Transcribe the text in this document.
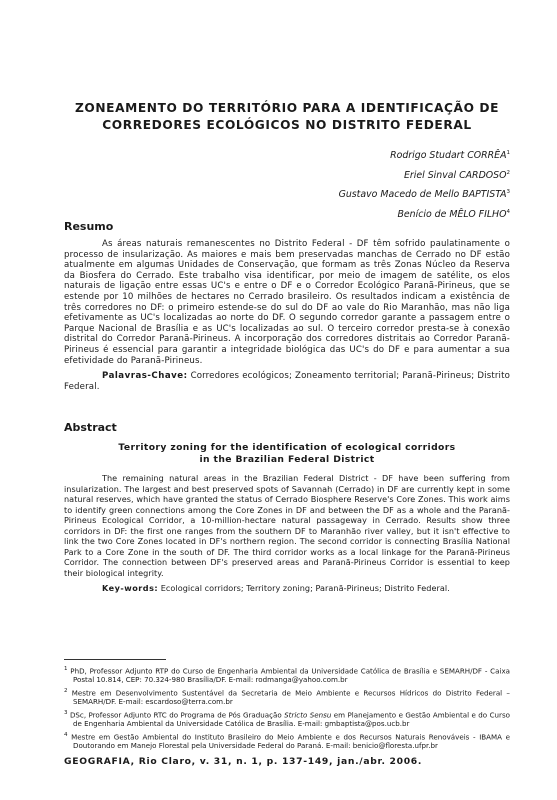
ZONEAMENTO DO TERRITÓRIO PARA A IDENTIFICAÇÃO DE
CORREDORES ECOLÓGICOS NO DISTRITO FEDERAL
Rodrigo Studart CORRÊA$^1$
Eriel Sinval CARDOSO$^2$
Gustavo Macedo de Mello BAPTISTA$^3$
Benício de MÊLO FILHO$^4$
Resumo

As áreas naturais remanescentes no Distrito Federal - DF têm sofrido paulatinamente o processo de insularização. As maiores e mais bem preservadas manchas de Cerrado no DF estão atualmente em algumas Unidades de Conservação, que formam as três Zonas Núcleo da Reserva da Biosfera do Cerrado. Este trabalho visa identificar, por meio de imagem de satélite, os elos naturais de ligação entre essas UC's e entre o DF e o Corredor Ecológico Paranã-Pirineus, que se estende por 10 milhões de hectares no Cerrado brasileiro. Os resultados indicam a existência de três corredores no DF: o primeiro estende-se do sul do DF ao vale do Rio Maranhão, mas não liga efetivamente as UC's localizadas ao norte do DF. O segundo corredor garante a passagem entre o Parque Nacional de Brasília e as UC's localizadas ao sul. O terceiro corredor presta-se à conexão distrital do Corredor Paranã-Pirineus. A incorporação dos corredores distritais ao Corredor Paranã-Pirineus é essencial para garantir a integridade biológica das UC's do DF e para aumentar a sua efetividade do Paranã-Pirineus.

Palavras-Chave: Corredores ecológicos; Zoneamento territorial; Paranã-Pirineus; Distrito Federal.

Abstract
Territory zoning for the identification of ecological corridors
in the Brazilian Federal District

The remaining natural areas in the Brazilian Federal District - DF have been suffering from insularization. The largest and best preserved spots of Savannah (Cerrado) in DF are currently kept in some natural reserves, which have granted the status of Cerrado Biosphere Reserve's Core Zones. This work aims to identify green connections among the Core Zones in DF and between the DF as a whole and the Paranã-Pirineus Ecological Corridor, a 10-million-hectare natural passageway in Cerrado. Results show three corridors in DF: the first one ranges from the southern DF to Maranhão river valley, but it isn't effective to link the two Core Zones located in DF's northern region. The second corridor is connecting Brasília National Park to a Core Zone in the south of DF. The third corridor works as a local linkage for the Paranã-Pirineus Corridor. The connection between DF's preserved areas and Paranã-Pirineus Corridor is essential to keep their biological integrity.

Key-words: Ecological corridors; Territory zoning; Paranã-Pirineus; Distrito Federal.

$^1$ PhD, Professor Adjunto RTP do Curso de Engenharia Ambiental da Universidade Católica de Brasília e SEMARH/DF - Caixa Postal 10.814, CEP: 70.324-980 Brasília/DF. E-mail: rodmanga@yahoo.com.br
$^2$ Mestre em Desenvolvimento Sustentável da Secretaria de Meio Ambiente e Recursos Hídricos do Distrito Federal – SEMARH/DF. E-mail: escardoso@terra.com.br
$^3$ DSc, Professor Adjunto RTC do Programa de Pós Graduação Stricto Sensu em Planejamento e Gestão Ambiental e do Curso de Engenharia Ambiental da Universidade Católica de Brasília. E-mail: gmbaptista@pos.ucb.br
$^4$ Mestre em Gestão Ambiental do Instituto Brasileiro do Meio Ambiente e dos Recursos Naturais Renováveis - IBAMA e Doutorando em Manejo Florestal pela Universidade Federal do Paraná. E-mail: benicio@floresta.ufpr.br
GEOGRAFIA, Rio Claro, v. 31, n. 1, p. 137-149, jan./abr. 2006.
